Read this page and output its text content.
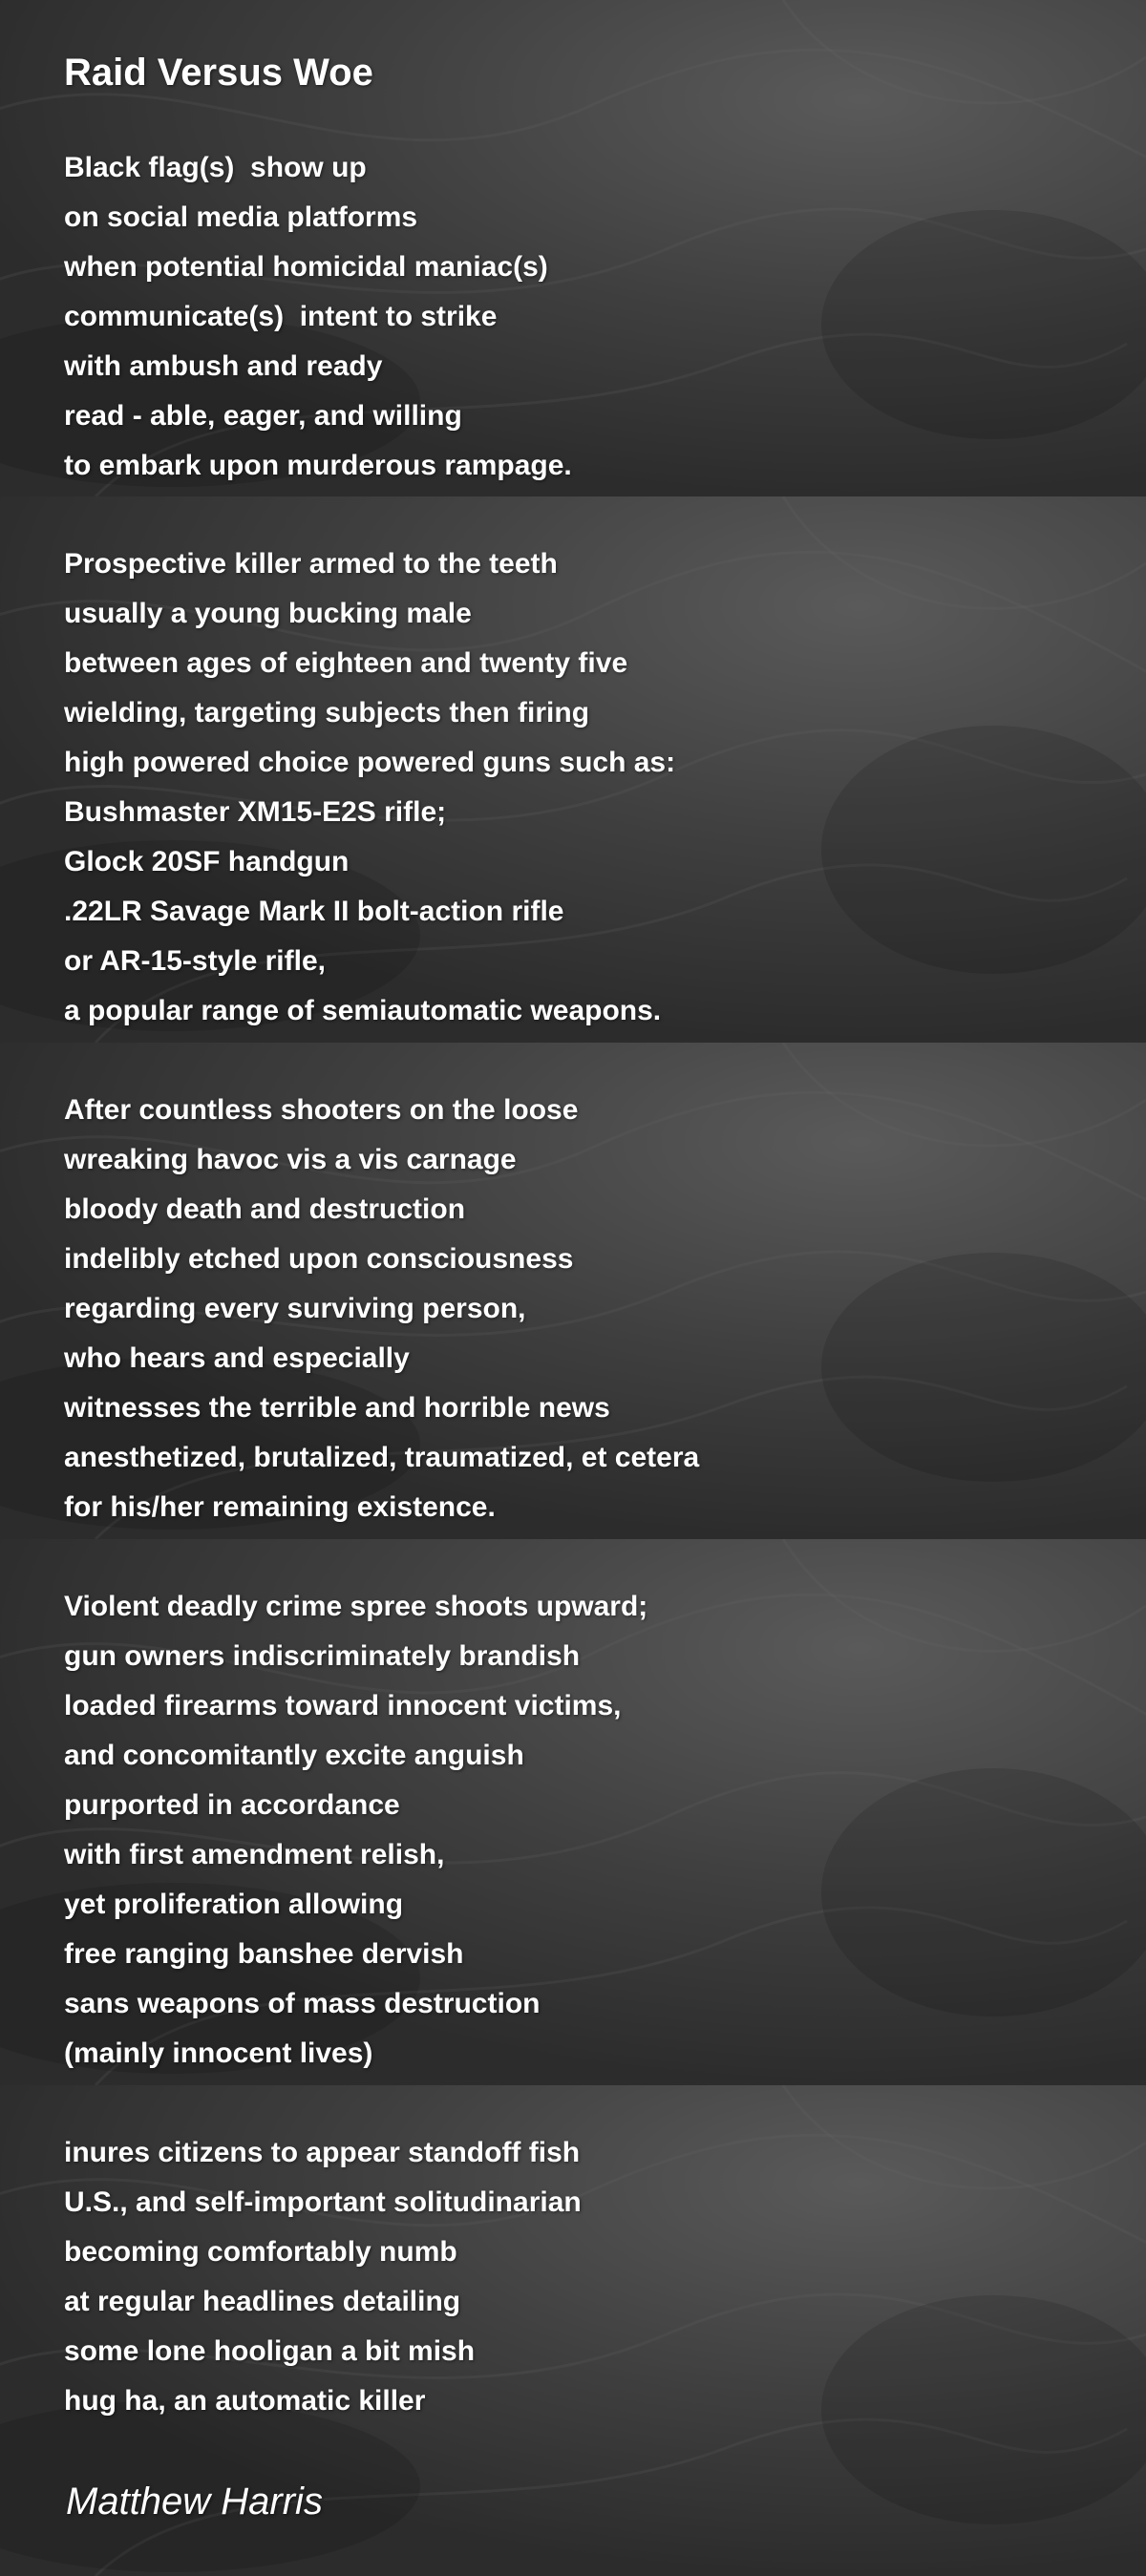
Raid Versus Woe
Black flag(s)  show up
on social media platforms
when potential homicidal maniac(s)
communicate(s)  intent to strike
with ambush and ready
read - able, eager, and willing
to embark upon murderous rampage.
Prospective killer armed to the teeth
usually a young bucking male
between ages of eighteen and twenty five
wielding, targeting subjects then firing
high powered choice powered guns such as:
Bushmaster XM15-E2S rifle;
Glock 20SF handgun
.22LR Savage Mark II bolt-action rifle
or AR-15-style rifle,
a popular range of semiautomatic weapons.
After countless shooters on the loose
wreaking havoc vis a vis carnage
bloody death and destruction
indelibly etched upon consciousness
regarding every surviving person,
who hears and especially
witnesses the terrible and horrible news
anesthetized, brutalized, traumatized, et cetera
for his/her remaining existence.
Violent deadly crime spree shoots upward;
gun owners indiscriminately brandish
loaded firearms toward innocent victims,
and concomitantly excite anguish
purported in accordance
with first amendment relish,
yet proliferation allowing
free ranging banshee dervish
sans weapons of mass destruction
(mainly innocent lives)
inures citizens to appear standoff fish
U.S., and self-important solitudinarian
becoming comfortably numb
at regular headlines detailing
some lone hooligan a bit mish
hug ha, an automatic killer

Matthew Harris
